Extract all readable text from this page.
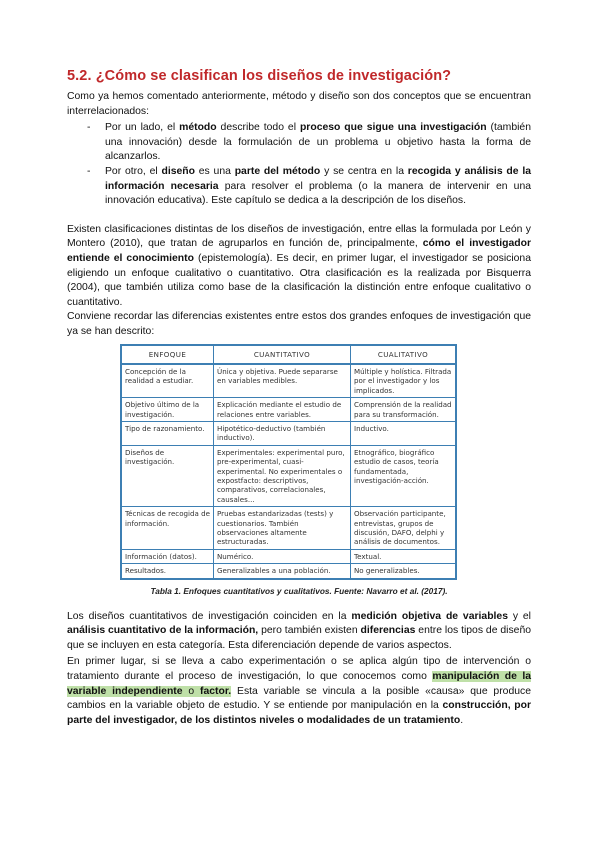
5.2. ¿Cómo se clasifican los diseños de investigación?

Como ya hemos comentado anteriormente, método y diseño son dos conceptos que se encuentran interrelacionados:

- Por un lado, el método describe todo el proceso que sigue una investigación (también una innovación) desde la formulación de un problema u objetivo hasta la forma de alcanzarlos.
- Por otro, el diseño es una parte del método y se centra en la recogida y análisis de la información necesaria para resolver el problema (o la manera de intervenir en una innovación educativa). Este capítulo se dedica a la descripción de los diseños.

Existen clasificaciones distintas de los diseños de investigación, entre ellas la formulada por León y Montero (2010), que tratan de agruparlos en función de, principalmente, cómo el investigador entiende el conocimiento (epistemología). Es decir, en primer lugar, el investigador se posiciona eligiendo un enfoque cualitativo o cuantitativo. Otra clasificación es la realizada por Bisquerra (2004), que también utiliza como base de la clasificación la distinción entre enfoque cualitativo o cuantitativo.

Conviene recordar las diferencias existentes entre estos dos grandes enfoques de investigación que ya se han descrito:

ENFOQUE	CUANTITATIVO	CUALITATIVO
Concepción de la realidad a estudiar.	Única y objetiva. Puede separarse en variables medibles.	Múltiple y holística. Filtrada por el investigador y los implicados.
Objetivo último de la investigación.	Explicación mediante el estudio de relaciones entre variables.	Comprensión de la realidad para su transformación.
Tipo de razonamiento.	Hipotético-deductivo (también inductivo).	Inductivo.
Diseños de investigación.	Experimentales: experimental puro, pre-experimental, cuasi-experimental. No experimentales o expostfacto: descriptivos, comparativos, correlacionales, causales...	Etnográfico, biográfico estudio de casos, teoría fundamentada, investigación-acción.
Técnicas de recogida de información.	Pruebas estandarizadas (tests) y cuestionarios. También observaciones altamente estructuradas.	Observación participante, entrevistas, grupos de discusión, DAFO, delphi y análisis de documentos.
Información (datos).	Numérico.	Textual.
Resultados.	Generalizables a una población.	No generalizables.
Tabla 1. Enfoques cuantitativos y cualitativos. Fuente: Navarro et al. (2017).

Los diseños cuantitativos de investigación coinciden en la medición objetiva de variables y el análisis cuantitativo de la información, pero también existen diferencias entre los tipos de diseño que se incluyen en esta categoría. Esta diferenciación depende de varios aspectos.

En primer lugar, si se lleva a cabo experimentación o se aplica algún tipo de intervención o tratamiento durante el proceso de investigación, lo que conocemos como manipulación de la variable independiente o factor. Esta variable se vincula a la posible «causa» que produce cambios en la variable objeto de estudio. Y se entiende por manipulación en la construcción, por parte del investigador, de los distintos niveles o modalidades de un tratamiento.
